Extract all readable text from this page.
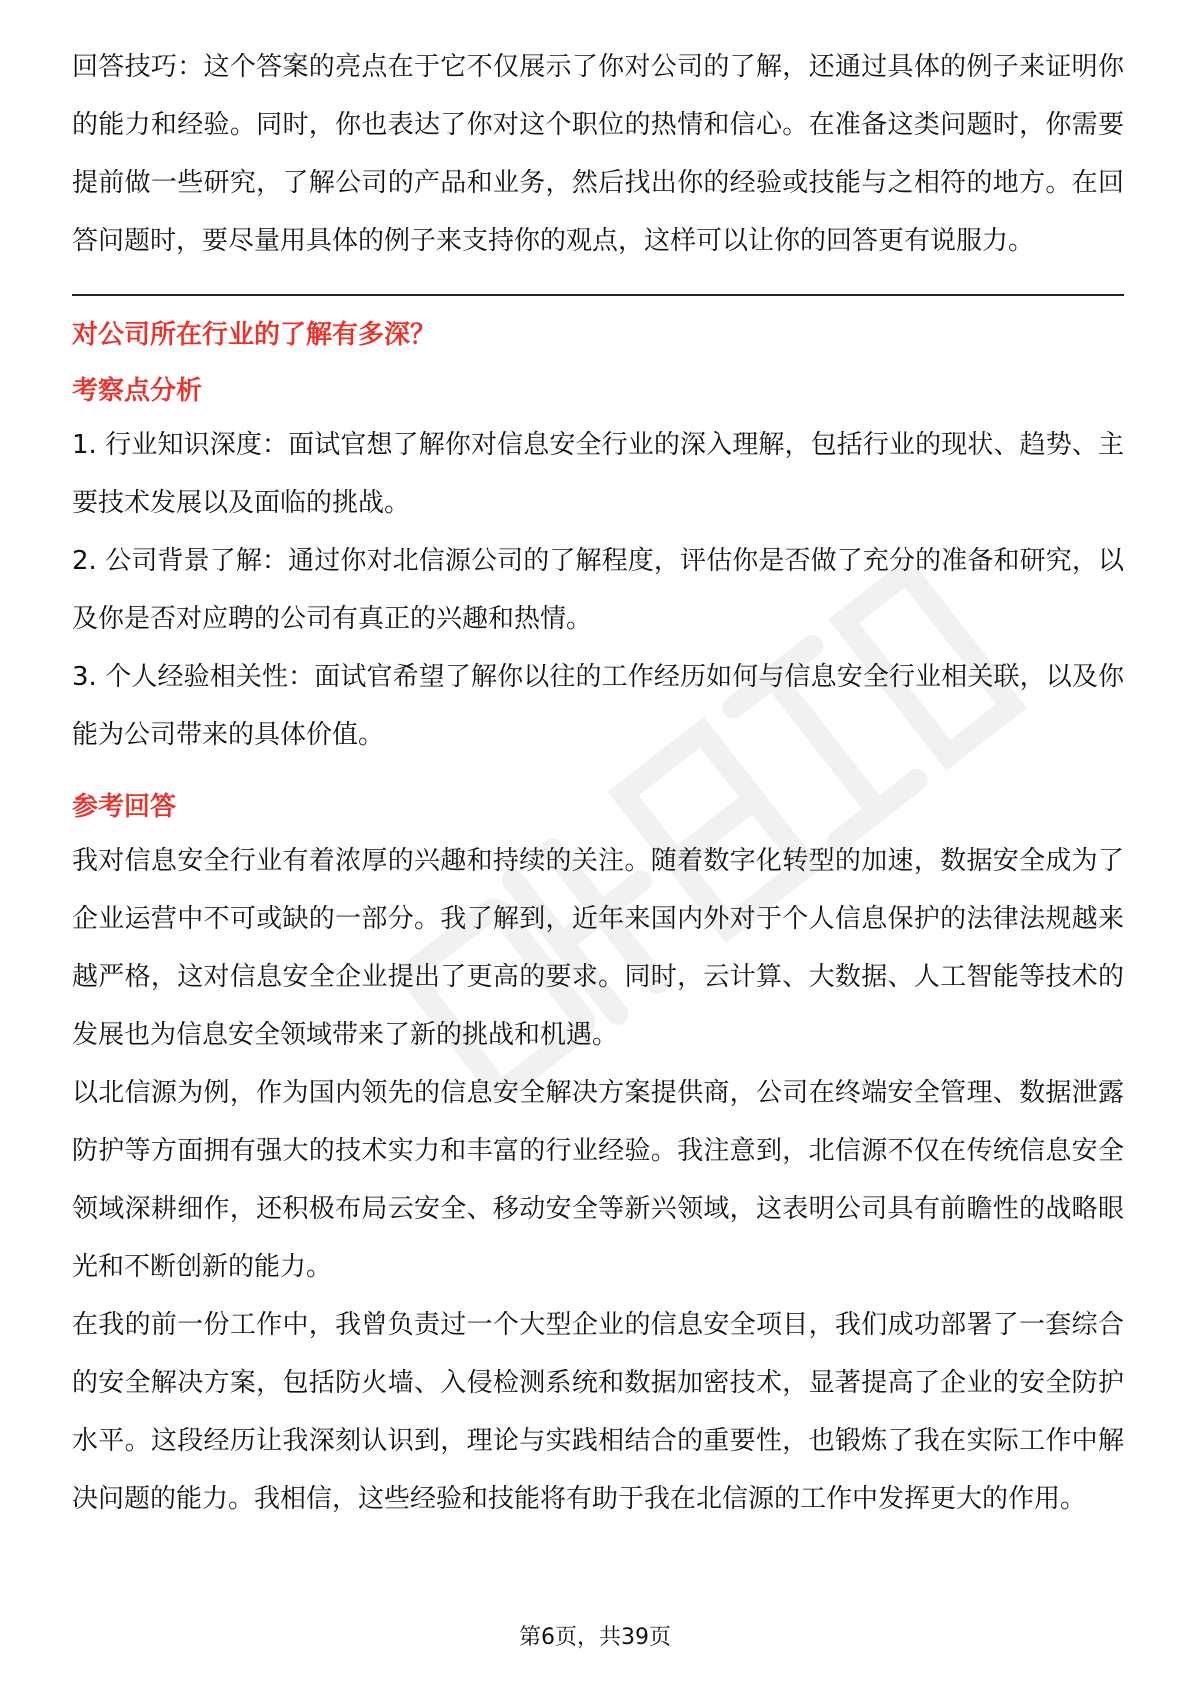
回答技巧：这个答案的亮点在于它不仅展示了你对公司的了解，还通过具体的例子来证明你的能力和经验。同时，你也表达了你对这个职位的热情和信心。在准备这类问题时，你需要提前做一些研究，了解公司的产品和业务，然后找出你的经验或技能与之相符的地方。在回答问题时，要尽量用具体的例子来支持你的观点，这样可以让你的回答更有说服力。

对公司所在行业的了解有多深？

考察点分析

1. 行业知识深度：面试官想了解你对信息安全行业的深入理解，包括行业的现状、趋势、主要技术发展以及面临的挑战。

2. 公司背景了解：通过你对北信源公司的了解程度，评估你是否做了充分的准备和研究，以及你是否对应聘的公司有真正的兴趣和热情。

3. 个人经验相关性：面试官希望了解你以往的工作经历如何与信息安全行业相关联，以及你能为公司带来的具体价值。

参考回答

我对信息安全行业有着浓厚的兴趣和持续的关注。随着数字化转型的加速，数据安全成为了企业运营中不可或缺的一部分。我了解到，近年来国内外对于个人信息保护的法律法规越来越严格，这对信息安全企业提出了更高的要求。同时，云计算、大数据、人工智能等技术的发展也为信息安全领域带来了新的挑战和机遇。

以北信源为例，作为国内领先的信息安全解决方案提供商，公司在终端安全管理、数据泄露防护等方面拥有强大的技术实力和丰富的行业经验。我注意到，北信源不仅在传统信息安全领域深耕细作，还积极布局云安全、移动安全等新兴领域，这表明公司具有前瞻性的战略眼光和不断创新的能力。

在我的前一份工作中，我曾负责过一个大型企业的信息安全项目，我们成功部署了一套综合的安全解决方案，包括防火墙、入侵检测系统和数据加密技术，显著提高了企业的安全防护水平。这段经历让我深刻认识到，理论与实践相结合的重要性，也锻炼了我在实际工作中解决问题的能力。我相信，这些经验和技能将有助于我在北信源的工作中发挥更大的作用。

第6页，共39页
